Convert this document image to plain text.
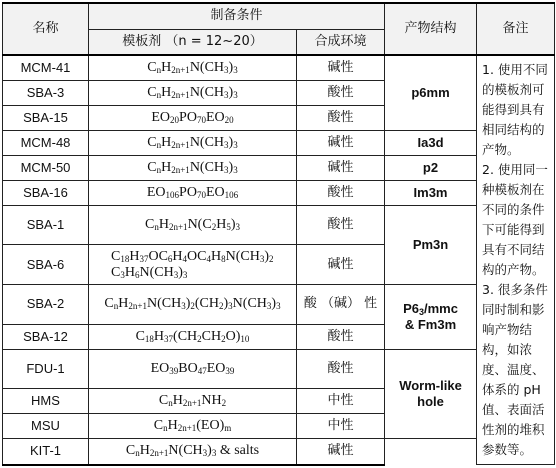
名称	制备条件		产物结构	备注
	模板剂 （n = 12~20）	合成环境		
MCM-41	$C_nH_{2n+1}N(CH_3)_3$	碱性	p6mm	1. 使用不同的模板剂可能得到具有相同结构的产物。

2. 使用同一种模板剂在不同的条件下可能得到具有不同结构的产物。

3. 很多条件同时制和影响产物结构，如浓度、温度、体系的 pH 值、表面活性剂的堆积参数等。

SBA-3	$C_nH_{2n+1}N(CH_3)_3$	酸性		
SBA-15	$EO_{20}PO_{70}EO_{20}$	酸性		
MCM-48	$C_nH_{2n+1}N(CH_3)_3$	碱性	Ia3d	

MCM-50	$C_nH_{2n+1}N(CH_3)_3$	碱性	p2	

SBA-16	$EO_{106}PO_{70}EO_{106}$	酸性	Im3m	

SBA-1	$C_nH_{2n+1}N(C_2H_5)_3$	酸性	Pm3n	

SBA-6	$C_{18}H_{37}OC_6H_4OC_4H_8N(CH_3)_2$
$C_3H_6N(CH_3)_3$	碱性		
SBA-2	$C_nH_{2n+1}N(CH_3)_2(CH_2)_3N(CH_3)_3$	酸 （碱） 性	$P6_3$/mmc
& Fm3m	

SBA-12	$C_{18}H_{37}(CH_2CH_2O)_{10}$	酸性		
FDU-1	$EO_{39}BO_{47}EO_{39}$	酸性	Worm-like
hole	

HMS	$C_nH_{2n+1}NH_2$	中性		
MSU	$C_nH_{2n+1}(EO)_m$	中性		
KIT-1	$C_nH_{2n+1}N(CH_3)_3$ & salts	碱性		
